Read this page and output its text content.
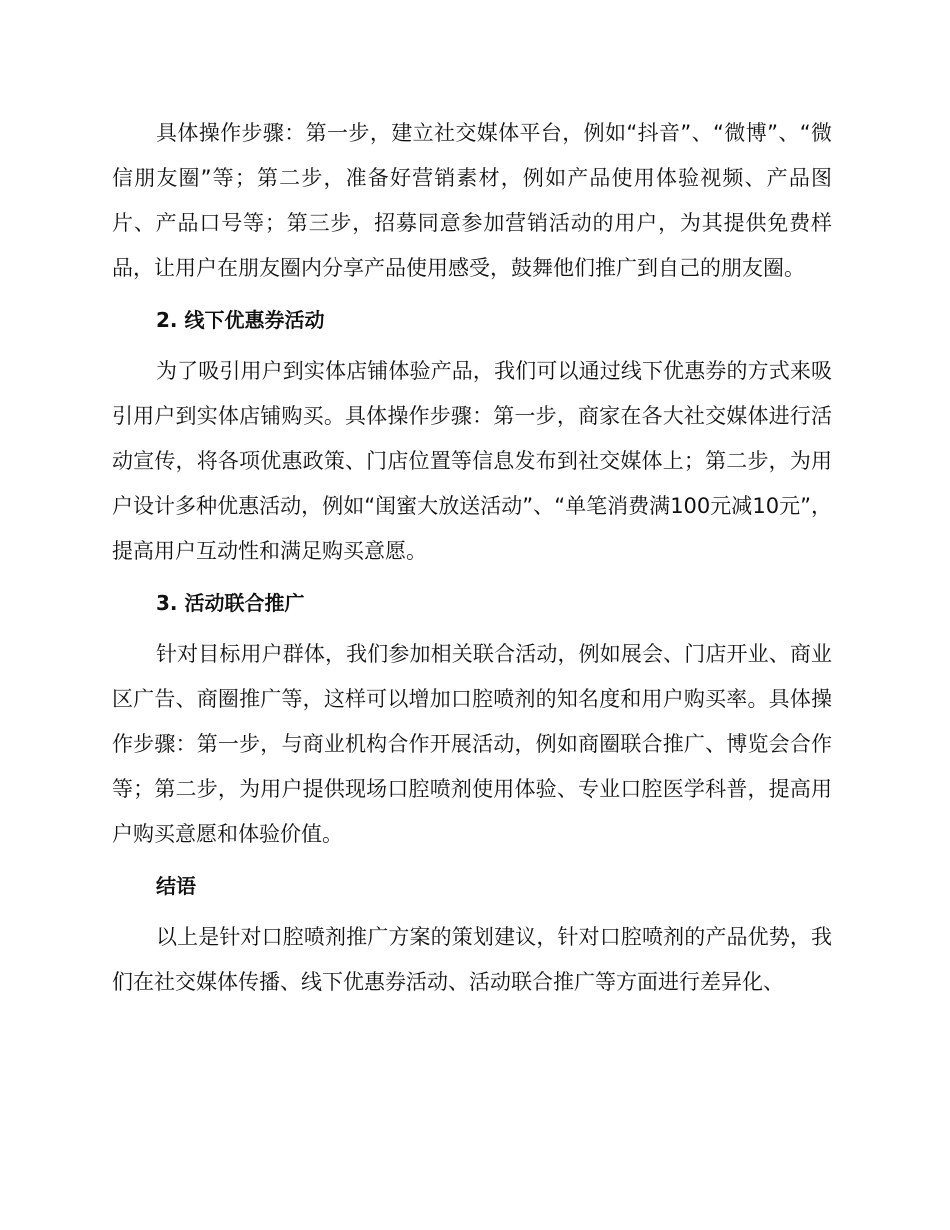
具体操作步骤：第一步，建立社交媒体平台，例如“抖音”、“微博”、“微信朋友圈”等；第二步，准备好营销素材，例如产品使用体验视频、产品图片、产品口号等；第三步，招募同意参加营销活动的用户，为其提供免费样品，让用户在朋友圈内分享产品使用感受，鼓舞他们推广到自己的朋友圈。

2. 线下优惠券活动

为了吸引用户到实体店铺体验产品，我们可以通过线下优惠券的方式来吸引用户到实体店铺购买。具体操作步骤：第一步，商家在各大社交媒体进行活动宣传，将各项优惠政策、门店位置等信息发布到社交媒体上；第二步，为用户设计多种优惠活动，例如“闺蜜大放送活动”、“单笔消费满100元减10元”，提高用户互动性和满足购买意愿。

3. 活动联合推广

针对目标用户群体，我们参加相关联合活动，例如展会、门店开业、商业区广告、商圈推广等，这样可以增加口腔喷剂的知名度和用户购买率。具体操作步骤：第一步，与商业机构合作开展活动，例如商圈联合推广、博览会合作等；第二步，为用户提供现场口腔喷剂使用体验、专业口腔医学科普，提高用户购买意愿和体验价值。

结语

以上是针对口腔喷剂推广方案的策划建议，针对口腔喷剂的产品优势，我们在社交媒体传播、线下优惠券活动、活动联合推广等方面进行差异化、
